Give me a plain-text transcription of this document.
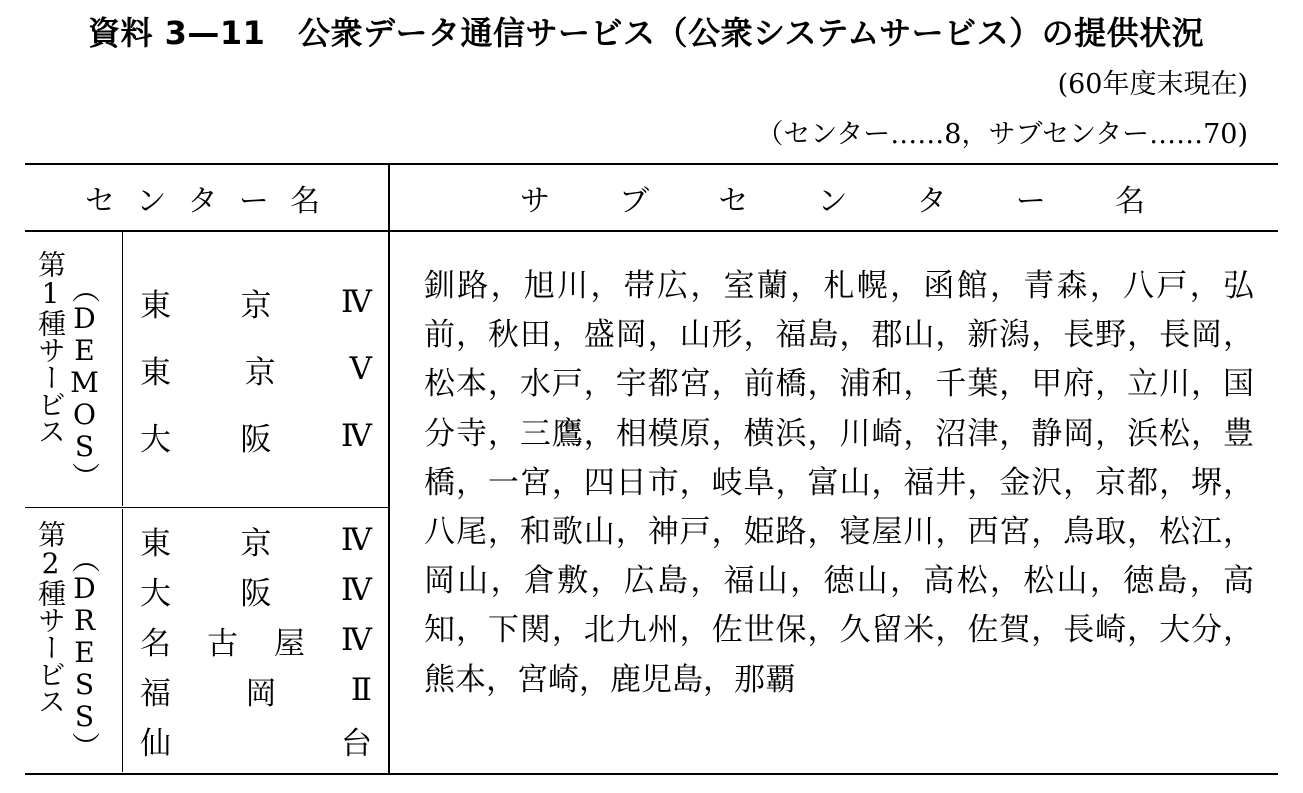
資料 3—11　公衆データ通信サービス（公衆システムサービス）の提供状況
(60年度末現在)
（センター……8，サブセンター……70)
セ ン タ ー 名	サ ブ セ ン タ ー 名
第1種サービス （DEMOS） 東 京 Ⅳ
東 京 Ⅴ
大 阪 Ⅳ
第2種サービス （DRESS）
東 京 Ⅳ
大 阪 Ⅳ
名 古 屋 Ⅳ
福 岡 Ⅱ
仙	台
釧路，旭川，帯広，室蘭，札幌，函館，青森，八戸，弘前，秋田，盛岡，山形，福島，郡山，新潟，長野，長岡，松本，水戸，宇都宮，前橋，浦和，千葉，甲府，立川，国分寺，三鷹，相模原，横浜，川崎，沼津，静岡，浜松，豊橋，一宮，四日市，岐阜，富山，福井，金沢，京都，堺，八尾，和歌山，神戸，姫路，寝屋川，西宮，鳥取，松江，岡山，倉敷，広島，福山，徳山，高松，松山，徳島，高知，下関，北九州，佐世保，久留米，佐賀，長崎，大分，熊本，宮崎，鹿児島，那覇
